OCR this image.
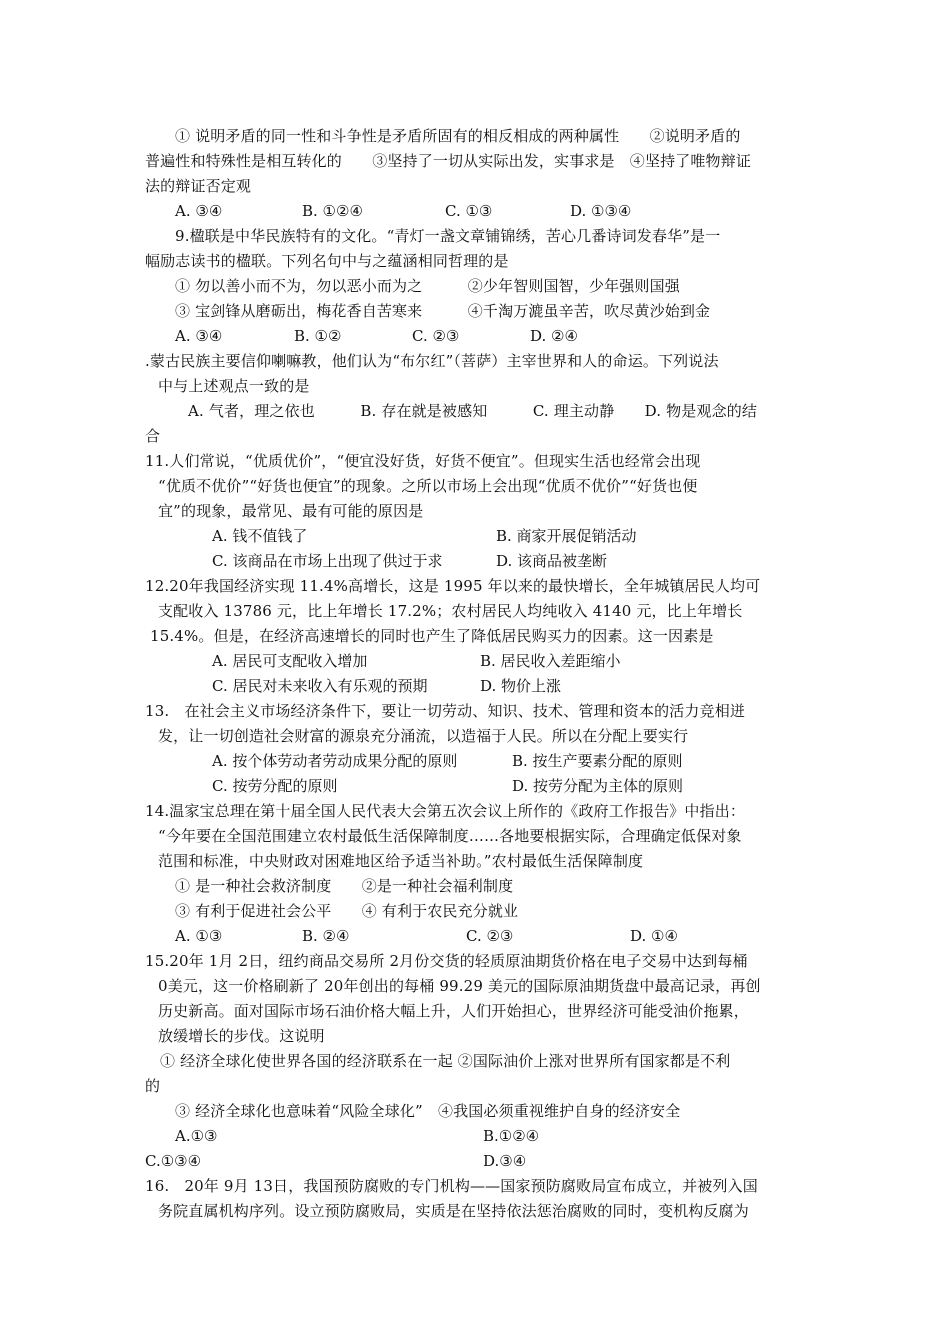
① 说明矛盾的同一性和斗争性是矛盾所固有的相反相成的两种属性　　②说明矛盾的
普遍性和特殊性是相互转化的　　③坚持了一切从实际出发，实事求是　④坚持了唯物辩证
法的辩证否定观
A. ③④	B. ①②④	C. ①③	D. ①③④
9.楹联是中华民族特有的文化。“青灯一盏文章铺锦绣，苦心几番诗词发春华”是一
幅励志读书的楹联。下列名句中与之蕴涵相同哲理的是
① 勿以善小而不为，勿以恶小而为之　　　②少年智则国智，少年强则国强
③ 宝剑锋从磨砺出，梅花香自苦寒来　　　④千淘万漉虽辛苦，吹尽黄沙始到金
A. ③④	B. ①②	C. ②③	D. ②④
.蒙古民族主要信仰喇嘛教，他们认为“布尔红”（菩萨）主宰世界和人的命运。下列说法
中与上述观点一致的是
A. 气者，理之依也　　　B. 存在就是被感知　　　C. 理主动静　　D. 物是观念的结
合
11.人们常说，“优质优价”，“便宜没好货，好货不便宜”。但现实生活也经常会出现
“优质不优价”“好货也便宜”的现象。之所以市场上会出现“优质不优价”“好货也便
宜”的现象，最常见、最有可能的原因是
A. 钱不值钱了	B. 商家开展促销活动
C. 该商品在市场上出现了供过于求	D. 该商品被垄断
12.20年我国经济实现 11.4%高增长，这是 1995 年以来的最快增长，全年城镇居民人均可
支配收入 13786 元，比上年增长 17.2%；农村居民人均纯收入 4140 元，比上年增长
15.4%。但是，在经济高速增长的同时也产生了降低居民购买力的因素。这一因素是
A. 居民可支配收入增加	B. 居民收入差距缩小
C. 居民对未来收入有乐观的预期	D. 物价上涨
13.　在社会主义市场经济条件下，要让一切劳动、知识、技术、管理和资本的活力竞相迸
发，让一切创造社会财富的源泉充分涌流，以造福于人民。所以在分配上要实行
A. 按个体劳动者劳动成果分配的原则	B. 按生产要素分配的原则
C. 按劳分配的原则	D. 按劳分配为主体的原则
14.温家宝总理在第十届全国人民代表大会第五次会议上所作的《政府工作报告》中指出：
“今年要在全国范围建立农村最低生活保障制度……各地要根据实际，合理确定低保对象
范围和标准，中央财政对困难地区给予适当补助。”农村最低生活保障制度
① 是一种社会救济制度　　②是一种社会福利制度
③ 有利于促进社会公平　　④ 有利于农民充分就业
A. ①③	B. ②④	C. ②③	D. ①④
15.20年 1月 2日，纽约商品交易所 2月份交货的轻质原油期货价格在电子交易中达到每桶
0美元，这一价格刷新了 20年创出的每桶 99.29 美元的国际原油期货盘中最高记录，再创
历史新高。面对国际市场石油价格大幅上升，人们开始担心，世界经济可能受油价拖累，
放缓增长的步伐。这说明
① 经济全球化使世界各国的经济联系在一起 ②国际油价上涨对世界所有国家都是不利
的
③ 经济全球化也意味着“风险全球化”　④我国必须重视维护自身的经济安全
A.①③	B.①②④
C.①③④	D.③④
16.　20年 9月 13日，我国预防腐败的专门机构——国家预防腐败局宣布成立，并被列入国
务院直属机构序列。设立预防腐败局，实质是在坚持依法惩治腐败的同时，变机构反腐为
